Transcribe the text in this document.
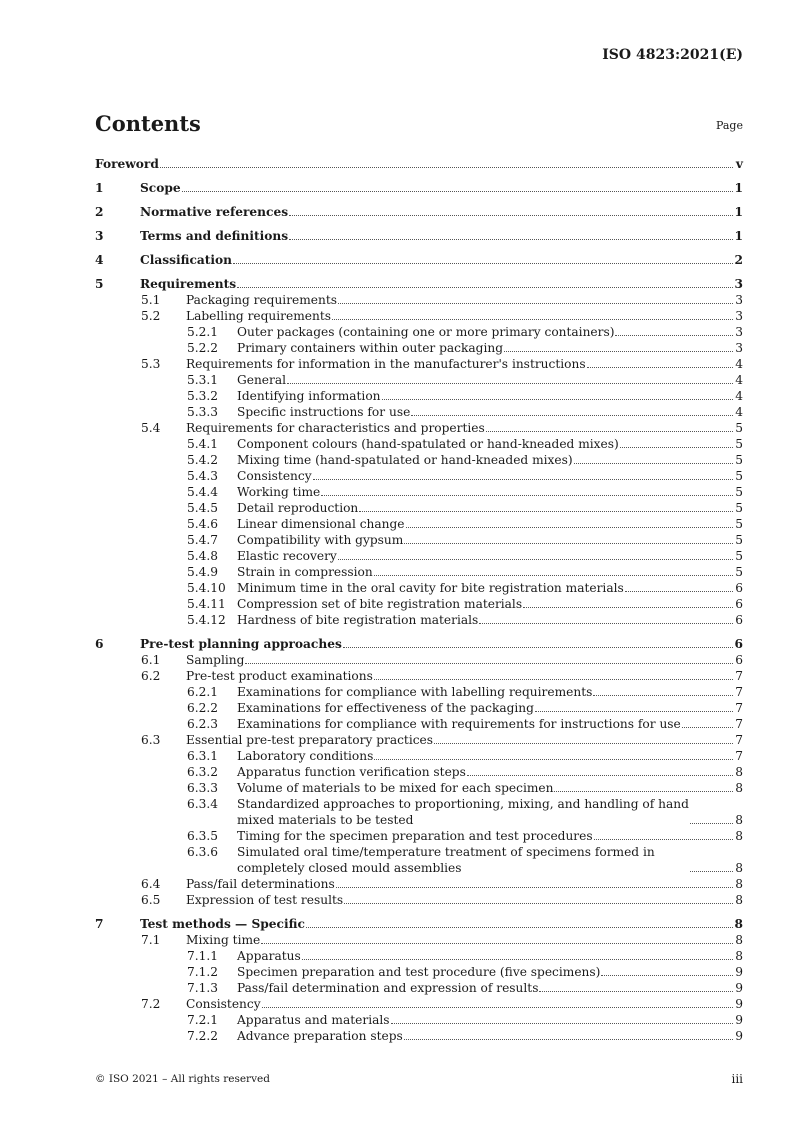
ISO 4823:2021(E)
Contents	Page
Foreword	v
1	Scope	1
2	Normative references	1
3	Terms and definitions	1
4	Classification	2
5	Requirements	3
5.1 Packaging requirements	3
5.2 Labelling requirements	3
5.2.1 Outer packages (containing one or more primary containers)	3
5.2.2 Primary containers within outer packaging	3
5.3 Requirements for information in the manufacturer's instructions	4
5.3.1 General	4
5.3.2 Identifying information	4
5.3.3 Specific instructions for use	4
5.4 Requirements for characteristics and properties	5
5.4.1 Component colours (hand-spatulated or hand-kneaded mixes)	5
5.4.2 Mixing time (hand-spatulated or hand-kneaded mixes)	5
5.4.3 Consistency	5
5.4.4 Working time	5
5.4.5 Detail reproduction	5
5.4.6 Linear dimensional change	5
5.4.7 Compatibility with gypsum	5
5.4.8 Elastic recovery	5
5.4.9 Strain in compression	5
5.4.10 Minimum time in the oral cavity for bite registration materials	6
5.4.11 Compression set of bite registration materials	6
5.4.12 Hardness of bite registration materials	6
6	Pre-test planning approaches	6
6.1 Sampling	6
6.2 Pre-test product examinations	7
6.2.1 Examinations for compliance with labelling requirements	7
6.2.2 Examinations for effectiveness of the packaging	7
6.2.3 Examinations for compliance with requirements for instructions for use	7
6.3 Essential pre-test preparatory practices	7
6.3.1 Laboratory conditions	7
6.3.2 Apparatus function verification steps	8
6.3.3 Volume of materials to be mixed for each specimen	8
6.3.4 Standardized approaches to proportioning, mixing, and handling of hand mixed materials to be tested	8
6.3.5 Timing for the specimen preparation and test procedures	8
6.3.6 Simulated oral time/temperature treatment of specimens formed in completely closed mould assemblies	8
6.4 Pass/fail determinations	8
6.5 Expression of test results	8
7	Test methods — Specific	8
7.1 Mixing time	8
7.1.1 Apparatus	8
7.1.2 Specimen preparation and test procedure (five specimens)	9
7.1.3 Pass/fail determination and expression of results	9
7.2 Consistency	9
7.2.1 Apparatus and materials	9
7.2.2 Advance preparation steps	9
© ISO 2021 – All rights reserved	iii
